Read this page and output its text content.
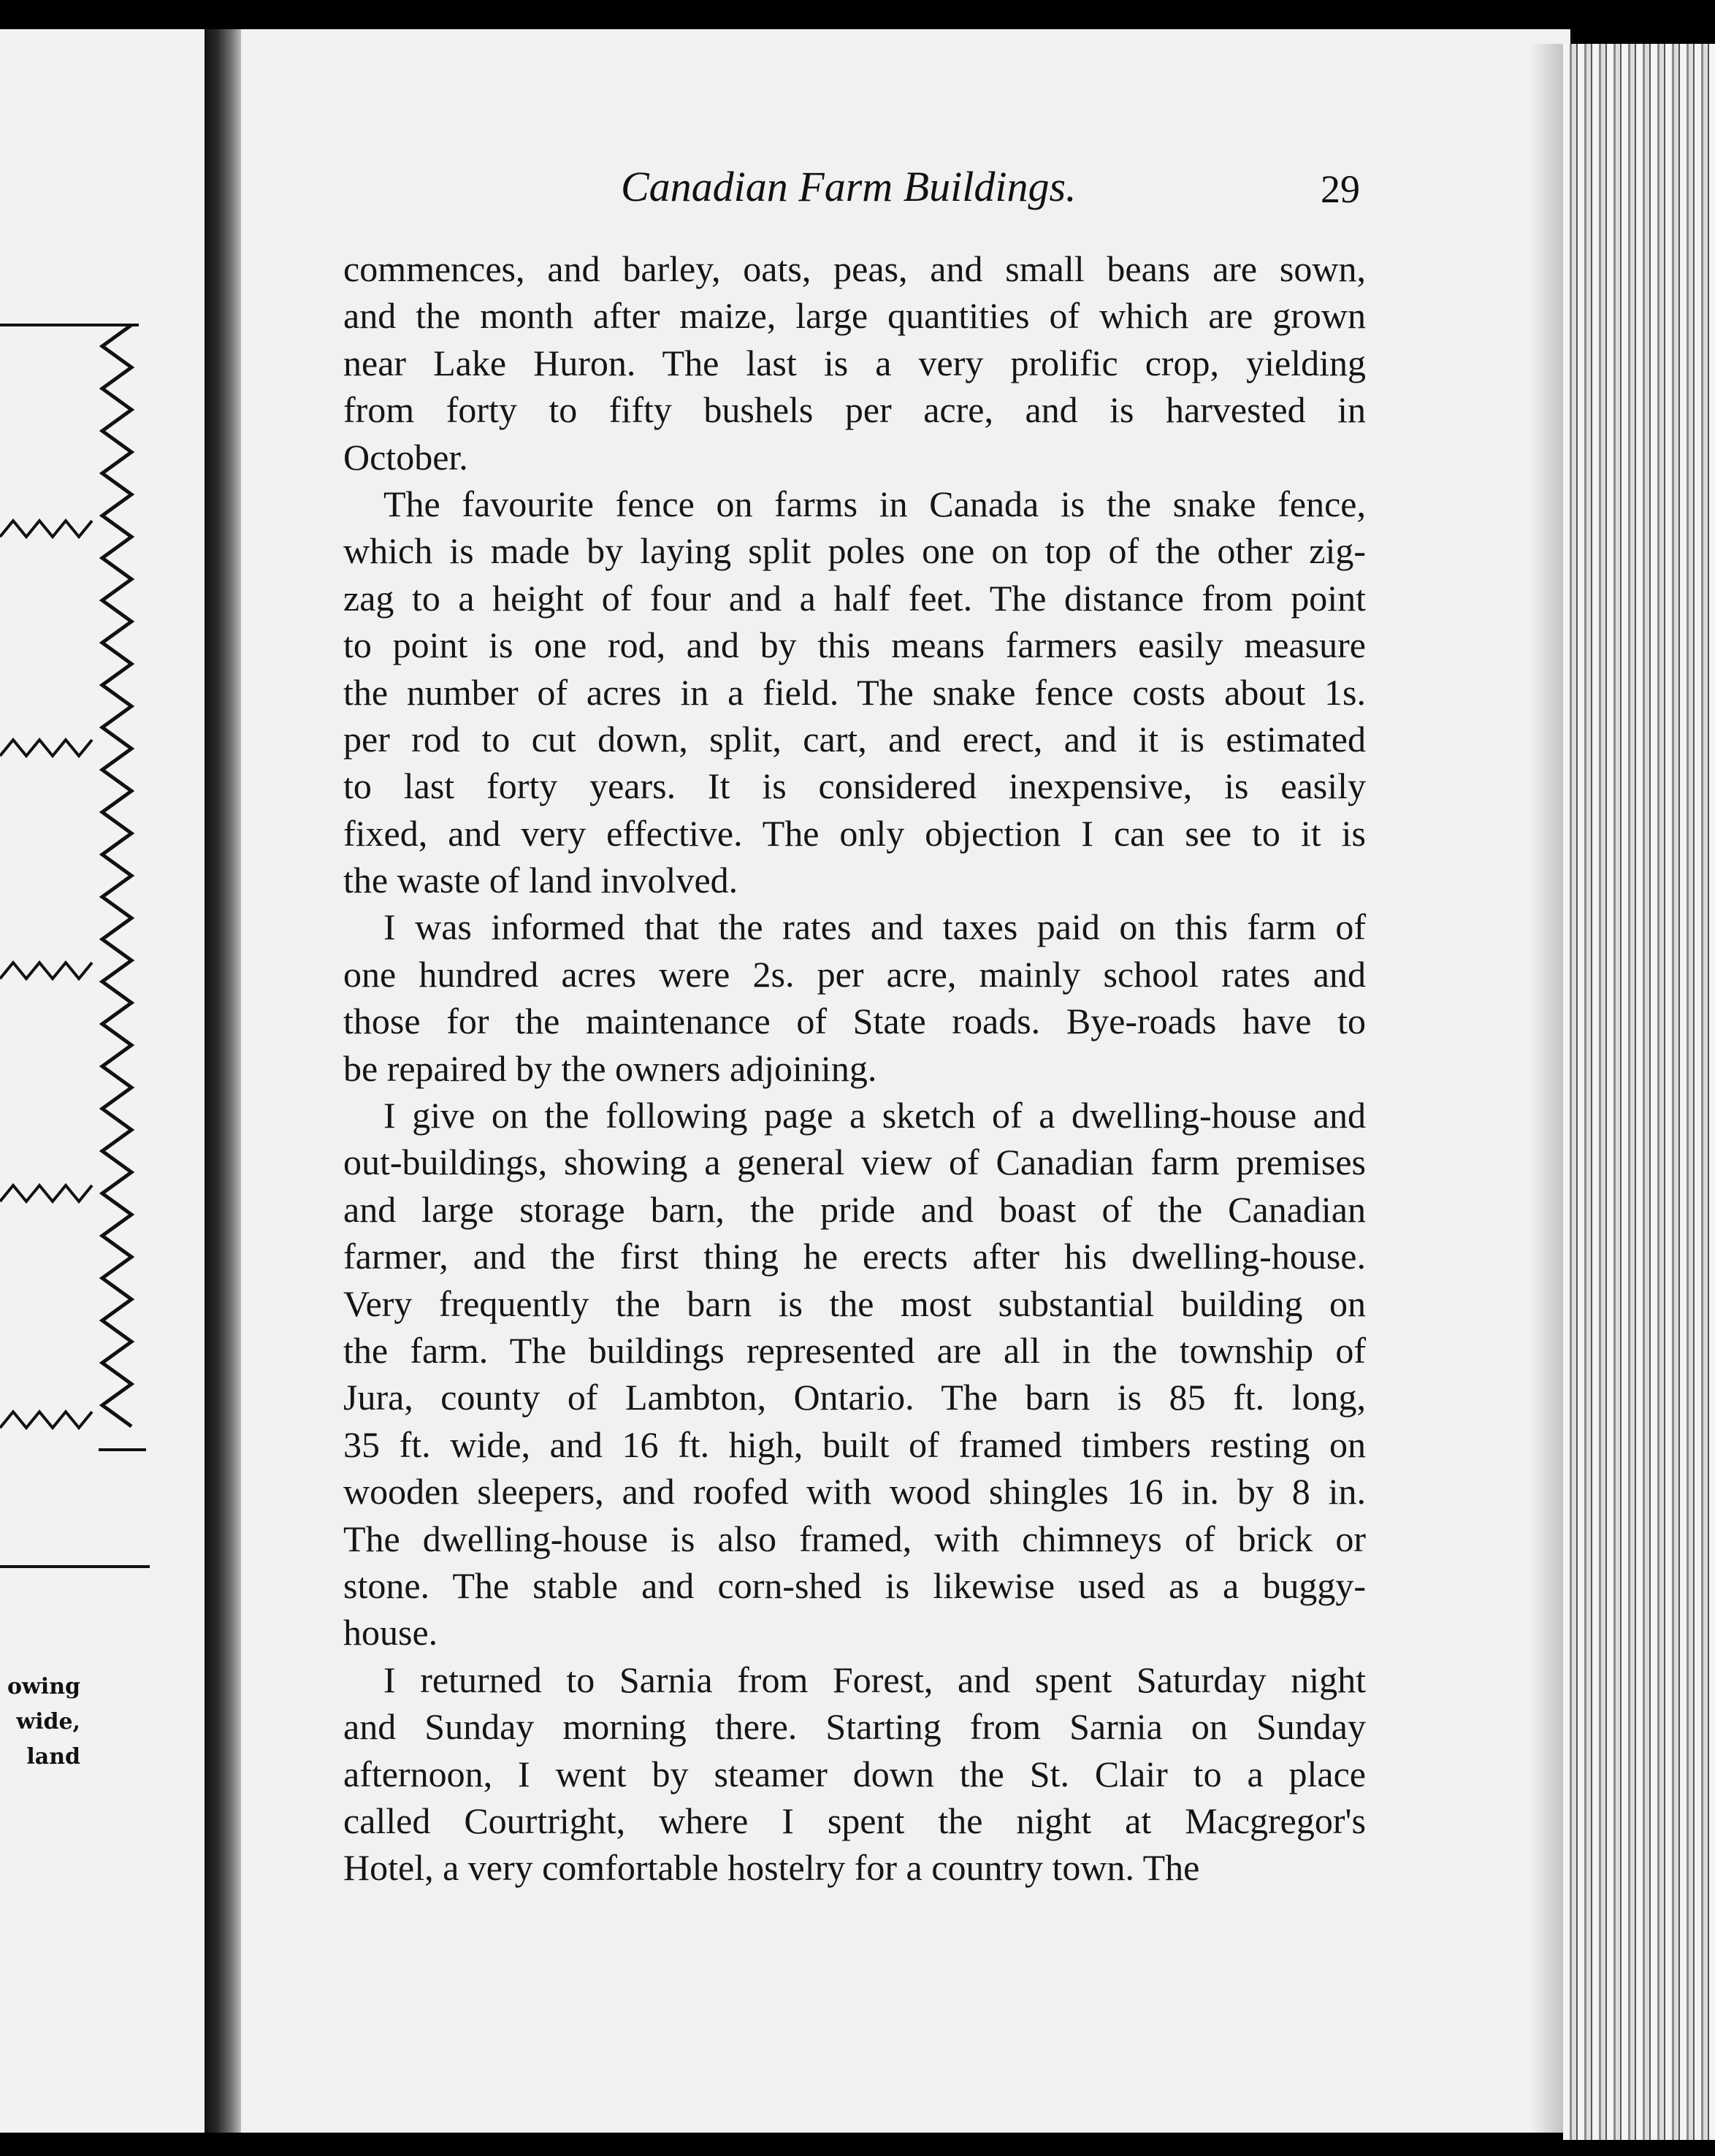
owing
wide,
land
Canadian Farm Buildings.	29
commences, and barley, oats, peas, and small beans are sown,
and the month after maize, large quantities of which are grown
near Lake Huron. The last is a very prolific crop, yielding
from forty to fifty bushels per acre, and is harvested in
October.
The favourite fence on farms in Canada is the snake fence,
which is made by laying split poles one on top of the other zig-
zag to a height of four and a half feet. The distance from point
to point is one rod, and by this means farmers easily measure
the number of acres in a field. The snake fence costs about 1s.
per rod to cut down, split, cart, and erect, and it is estimated
to last forty years. It is considered inexpensive, is easily
fixed, and very effective. The only objection I can see to it is
the waste of land involved.
I was informed that the rates and taxes paid on this farm of
one hundred acres were 2s. per acre, mainly school rates and
those for the maintenance of State roads. Bye-roads have to
be repaired by the owners adjoining.
I give on the following page a sketch of a dwelling-house and
out-buildings, showing a general view of Canadian farm premises
and large storage barn, the pride and boast of the Canadian
farmer, and the first thing he erects after his dwelling-house.
Very frequently the barn is the most substantial building on
the farm. The buildings represented are all in the township of
Jura, county of Lambton, Ontario. The barn is 85 ft. long,
35 ft. wide, and 16 ft. high, built of framed timbers resting on
wooden sleepers, and roofed with wood shingles 16 in. by 8 in.
The dwelling-house is also framed, with chimneys of brick or
stone. The stable and corn-shed is likewise used as a buggy-
house.
I returned to Sarnia from Forest, and spent Saturday night
and Sunday morning there. Starting from Sarnia on Sunday
afternoon, I went by steamer down the St. Clair to a place
called Courtright, where I spent the night at Macgregor's
Hotel, a very comfortable hostelry for a country town. The
